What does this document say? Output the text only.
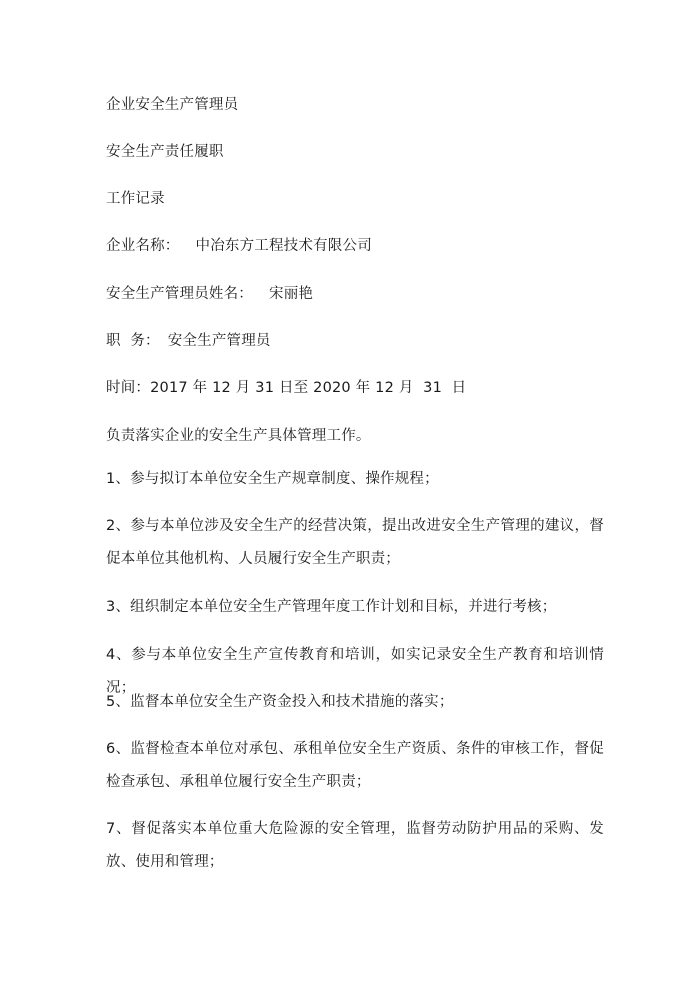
企业安全生产管理员
安全生产责任履职
工作记录
企业名称： 中冶东方工程技术有限公司
安全生产管理员姓名： 宋丽艳
职  务： 安全生产管理员
时间：2017 年 12 月 31 日至 2020 年 12 月  31  日
负责落实企业的安全生产具体管理工作。
1、参与拟订本单位安全生产规章制度、操作规程；
2、参与本单位涉及安全生产的经营决策，提出改进安全生产管理的建议，督促本单位其他机构、人员履行安全生产职责；
3、组织制定本单位安全生产管理年度工作计划和目标，并进行考核；
4、参与本单位安全生产宣传教育和培训，如实记录安全生产教育和培训情况；
5、监督本单位安全生产资金投入和技术措施的落实；
6、监督检查本单位对承包、承租单位安全生产资质、条件的审核工作，督促检查承包、承租单位履行安全生产职责；
7、督促落实本单位重大危险源的安全管理，监督劳动防护用品的采购、发放、使用和管理；
